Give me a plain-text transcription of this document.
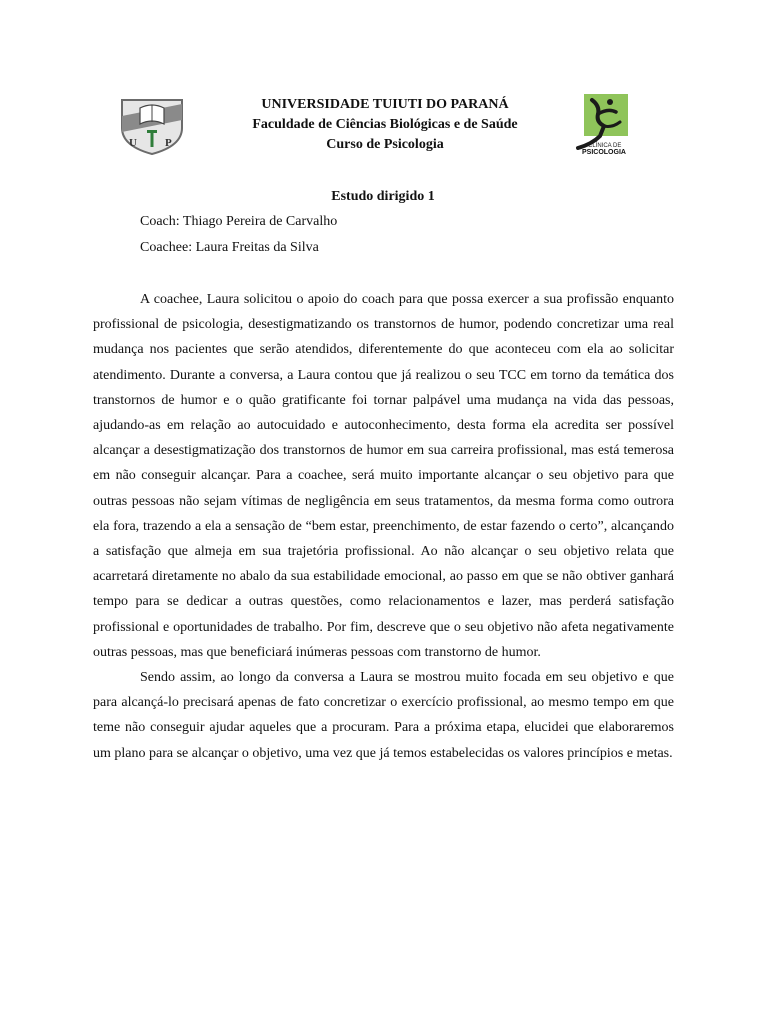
U	P
UNIVERSIDADE TUIUTI DO PARANÁ
Faculdade de Ciências Biológicas e de Saúde
Curso de Psicologia	CLÍNICA DE
PSICOLOGIA
Estudo dirigido 1
Coach: Thiago Pereira de Carvalho
Coachee: Laura Freitas da Silva

A coachee, Laura solicitou o apoio do coach para que possa exercer a sua profissão enquanto profissional de psicologia, desestigmatizando os transtornos de humor, podendo concretizar uma real mudança nos pacientes que serão atendidos, diferentemente do que aconteceu com ela ao solicitar atendimento. Durante a conversa, a Laura contou que já realizou o seu TCC em torno da temática dos transtornos de humor e o quão gratificante foi tornar palpável uma mudança na vida das pessoas, ajudando-as em relação ao autocuidado e autoconhecimento, desta forma ela acredita ser possível alcançar a desestigmatização dos transtornos de humor em sua carreira profissional, mas está temerosa em não conseguir alcançar. Para a coachee, será muito importante alcançar o seu objetivo para que outras pessoas não sejam vítimas de negligência em seus tratamentos, da mesma forma como outrora ela fora, trazendo a ela a sensação de “bem estar, preenchimento, de estar fazendo o certo”, alcançando a satisfação que almeja em sua trajetória profissional. Ao não alcançar o seu objetivo relata que acarretará diretamente no abalo da sua estabilidade emocional, ao passo em que se não obtiver ganhará tempo para se dedicar a outras questões, como relacionamentos e lazer, mas perderá satisfação profissional e oportunidades de trabalho. Por fim, descreve que o seu objetivo não afeta negativamente outras pessoas, mas que beneficiará inúmeras pessoas com transtorno de humor.

Sendo assim, ao longo da conversa a Laura se mostrou muito focada em seu objetivo e que para alcançá-lo precisará apenas de fato concretizar o exercício profissional, ao mesmo tempo em que teme não conseguir ajudar aqueles que a procuram. Para a próxima etapa, elucidei que elaboraremos um plano para se alcançar o objetivo, uma vez que já temos estabelecidas os valores princípios e metas.
